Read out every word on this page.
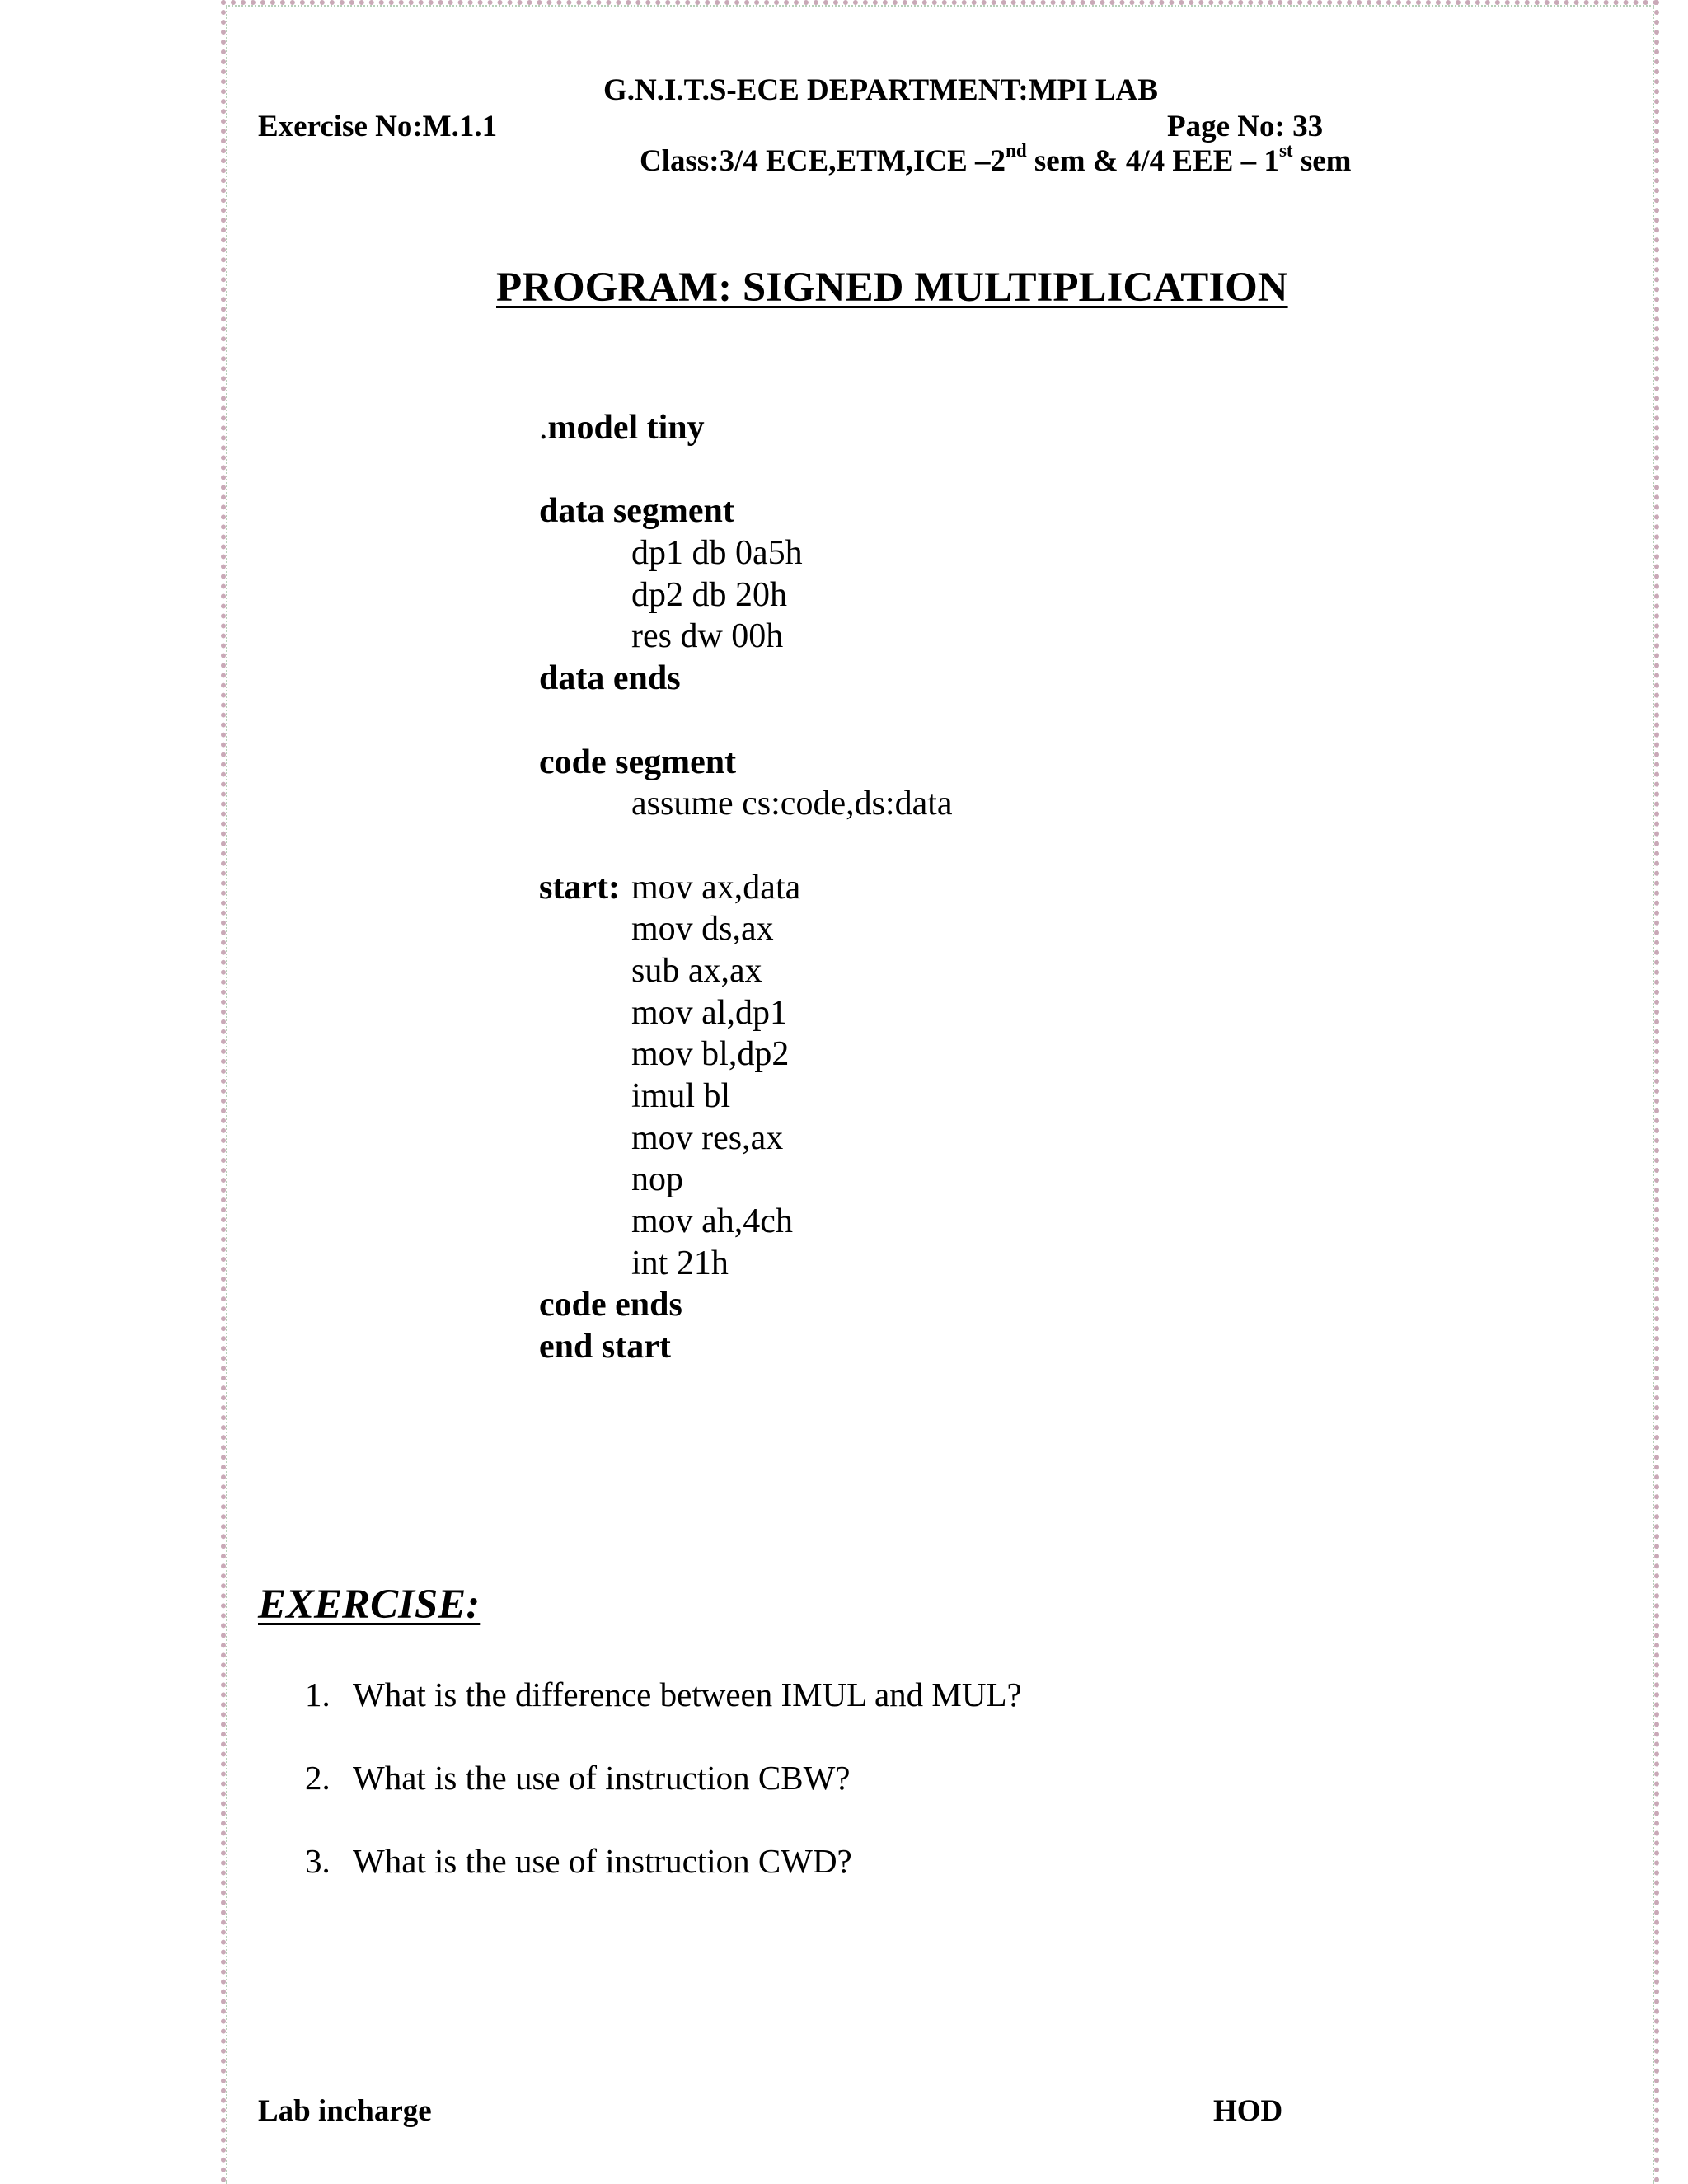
G.N.I.T.S-ECE DEPARTMENT:MPI LAB
Exercise No:M.1.1	Page No: 33
Class:3/4 ECE,ETM,ICE –2nd sem & 4/4 EEE – 1st sem
PROGRAM: SIGNED MULTIPLICATION
.model tiny
data segment
dp1 db 0a5h
dp2 db 20h
res dw 00h
data ends
code segment
assume cs:code,ds:data
start: mov ax,data
mov ds,ax
sub ax,ax
mov al,dp1
mov bl,dp2
imul bl
mov res,ax
nop
mov ah,4ch
int 21h
code ends
end start
EXERCISE:
1. What is the difference between IMUL and MUL?
2. What is the use of instruction CBW?
3. What is the use of instruction CWD?
Lab incharge	HOD
